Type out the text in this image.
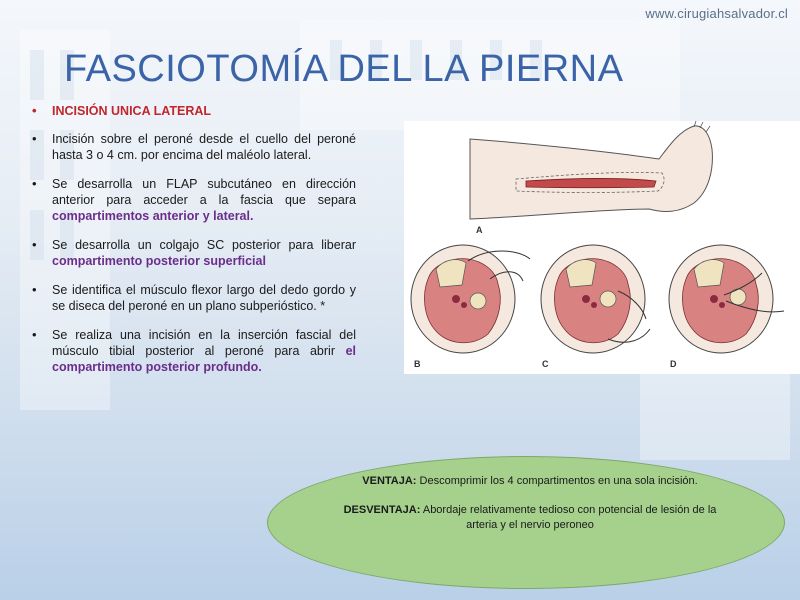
www.cirugiahsalvador.cl
FASCIOTOMÍA DEL LA PIERNA
• INCISIÓN UNICA LATERAL
• Incisión sobre el peroné desde el cuello del peroné hasta 3 o 4 cm. por encima del maléolo lateral.
• Se desarrolla un FLAP subcutáneo en dirección anterior para acceder a la fascia que separa compartimentos anterior y lateral.
• Se desarrolla un colgajo SC posterior para liberar compartimento posterior superficial
• Se identifica el músculo flexor largo del dedo gordo y se diseca del peroné en un plano subperióstico. *
• Se realiza una incisión en la inserción fascial del músculo tibial posterior al peroné para abrir el compartimento posterior profundo.
A
B	C	D

VENTAJA: Descomprimir los 4 compartimentos en una sola incisión.

DESVENTAJA: Abordaje relativamente tedioso con potencial de lesión de la arteria y el nervio peroneo
